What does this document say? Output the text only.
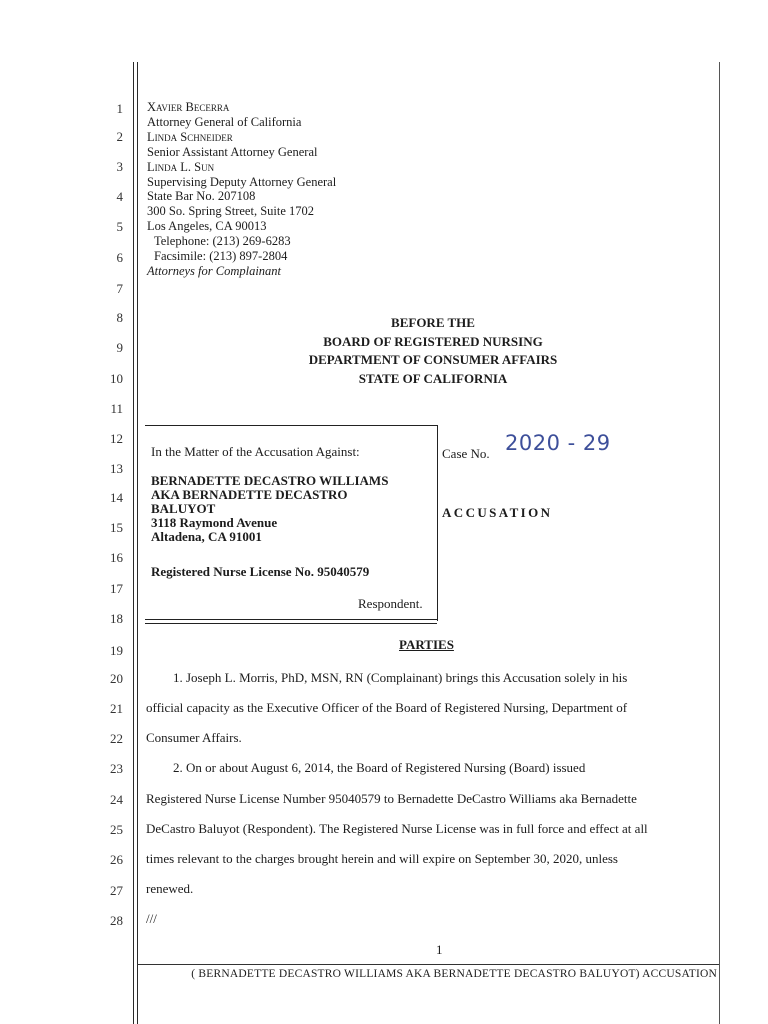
1
2
3
4
5
6
7
8
9
10
11
12
13
14
15
16
17
18
19
20
21
22
23
24
25
26
27
28
Xavier Becerra
Attorney General of California
Linda Schneider
Senior Assistant Attorney General
Linda L. Sun
Supervising Deputy Attorney General
State Bar No. 207108
300 So. Spring Street, Suite 1702
Los Angeles, CA 90013
Telephone: (213) 269-6283
Facsimile: (213) 897-2804
Attorneys for Complainant
BEFORE THE
BOARD OF REGISTERED NURSING
DEPARTMENT OF CONSUMER AFFAIRS
STATE OF CALIFORNIA
In the Matter of the Accusation Against:
BERNADETTE DECASTRO WILLIAMS
AKA BERNADETTE DECASTRO
BALUYOT
3118 Raymond Avenue
Altadena, CA 91001
Registered Nurse License No. 95040579
Respondent.
Case No. 2020 - 29
ACCUSATION
PARTIES
1. Joseph L. Morris, PhD, MSN, RN (Complainant) brings this Accusation solely in his
official capacity as the Executive Officer of the Board of Registered Nursing, Department of
Consumer Affairs.
2. On or about August 6, 2014, the Board of Registered Nursing (Board) issued
Registered Nurse License Number 95040579 to Bernadette DeCastro Williams aka Bernadette
DeCastro Baluyot (Respondent). The Registered Nurse License was in full force and effect at all
times relevant to the charges brought herein and will expire on September 30, 2020, unless
renewed.
///
1
( BERNADETTE DECASTRO WILLIAMS AKA BERNADETTE DECASTRO BALUYOT) ACCUSATION
